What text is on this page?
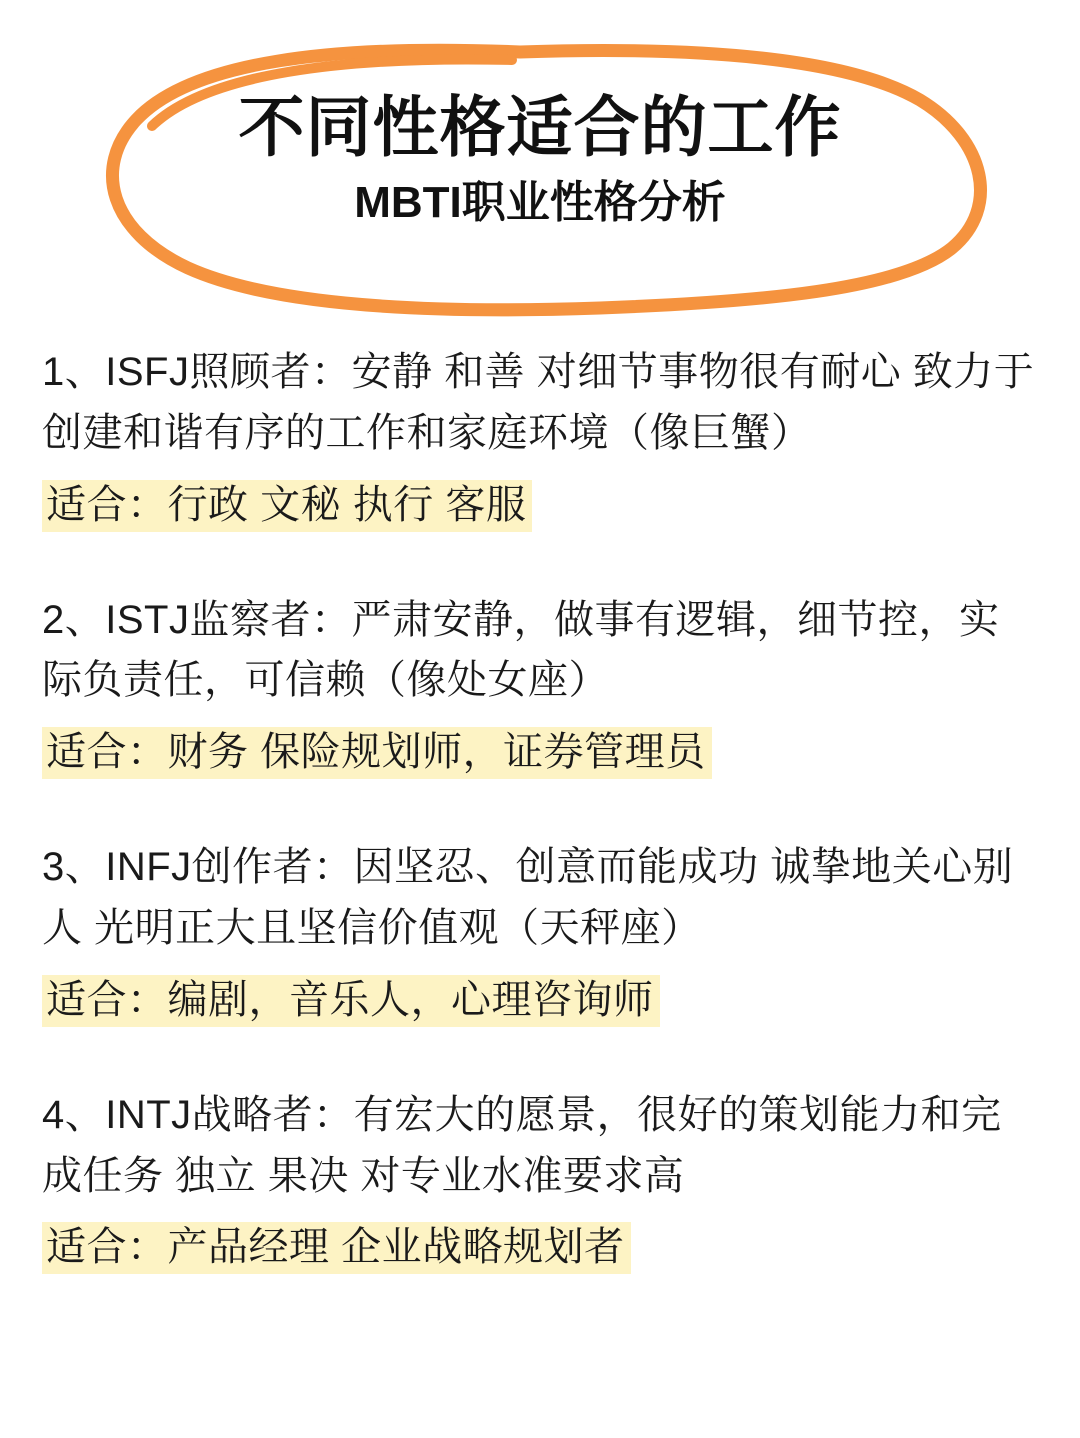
不同性格适合的工作
MBTI职业性格分析
1、ISFJ照顾者：安静 和善 对细节事物很有耐心 致力于创建和谐有序的工作和家庭环境（像巨蟹）
适合：行政 文秘 执行 客服
2、ISTJ监察者：严肃安静，做事有逻辑，细节控，实际负责任，可信赖（像处女座）
适合：财务 保险规划师，证券管理员
3、INFJ创作者：因坚忍、创意而能成功 诚挚地关心别人 光明正大且坚信价值观（天秤座）
适合：编剧，音乐人，心理咨询师
4、INTJ战略者：有宏大的愿景，很好的策划能力和完成任务 独立 果决 对专业水准要求高
适合：产品经理 企业战略规划者
